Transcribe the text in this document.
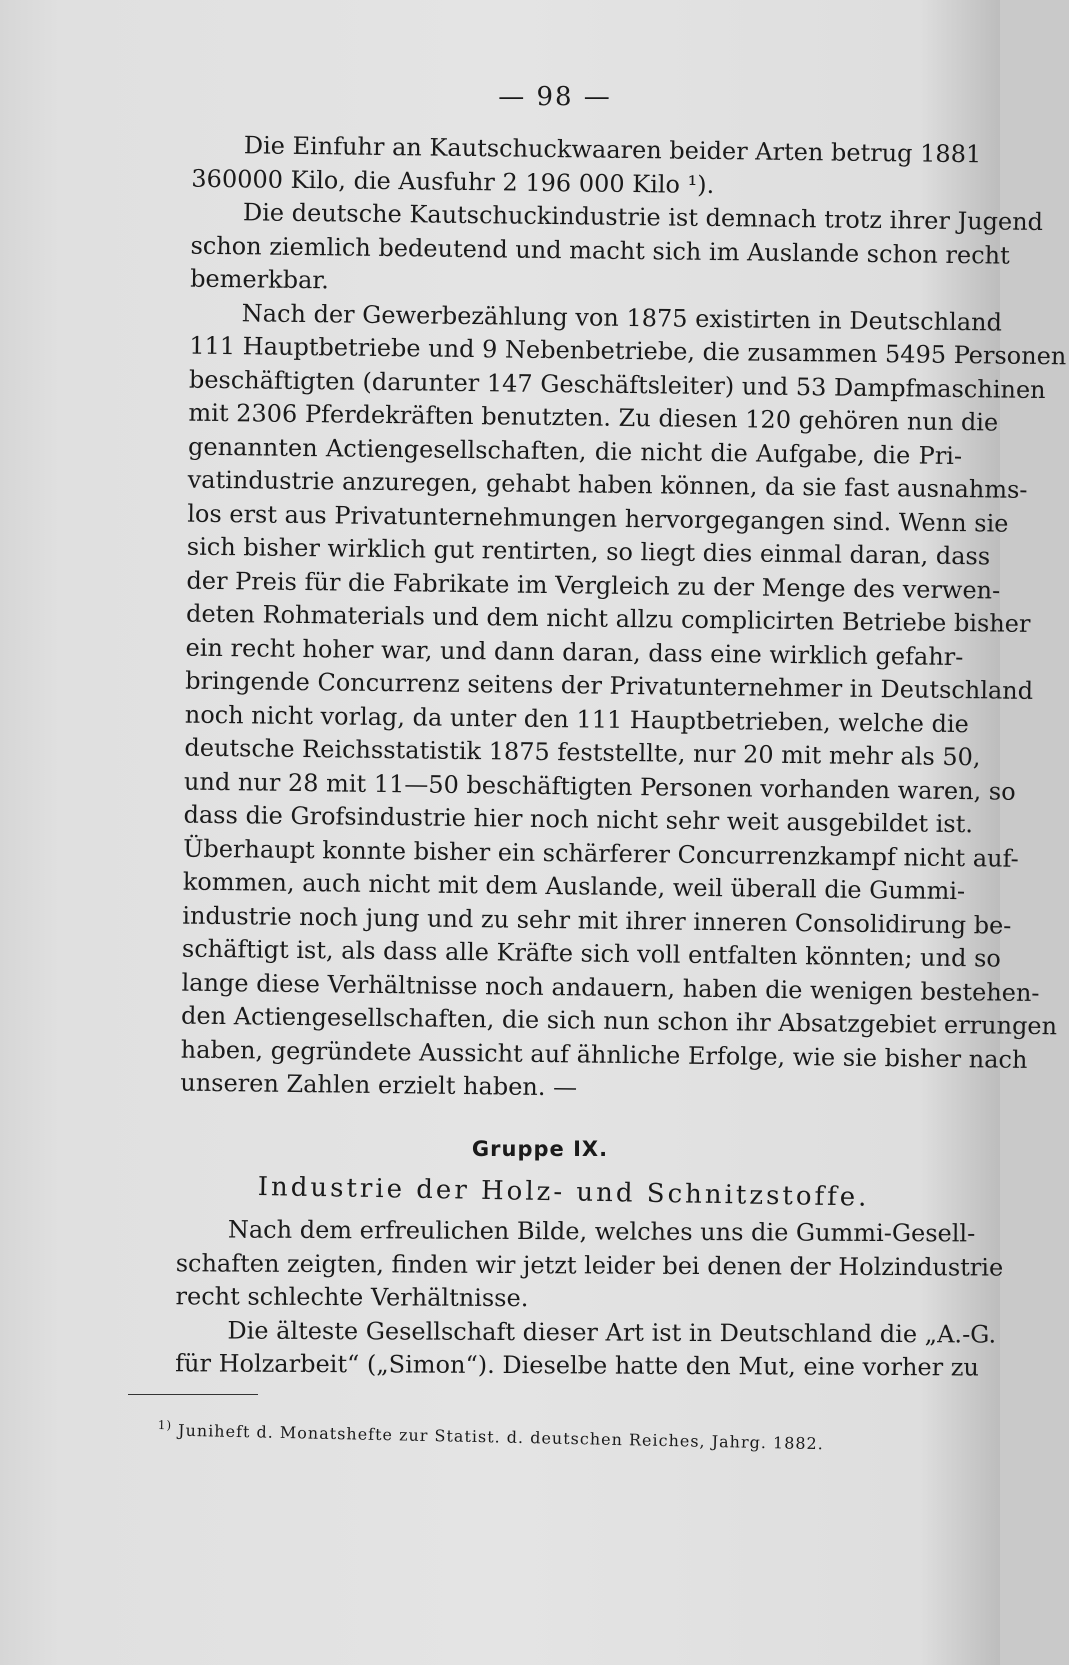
— 98 —
Die Einfuhr an Kautschuckwaaren beider Arten betrug 1881
360000 Kilo, die Ausfuhr 2 196 000 Kilo ¹).
Die deutsche Kautschuckindustrie ist demnach trotz ihrer Jugend
schon ziemlich bedeutend und macht sich im Auslande schon recht
bemerkbar.
Nach der Gewerbezählung von 1875 existirten in Deutschland
111 Hauptbetriebe und 9 Nebenbetriebe, die zusammen 5495 Personen
beschäftigten (darunter 147 Geschäftsleiter) und 53 Dampfmaschinen
mit 2306 Pferdekräften benutzten. Zu diesen 120 gehören nun die
genannten Actiengesellschaften, die nicht die Aufgabe, die Pri-
vatindustrie anzuregen, gehabt haben können, da sie fast ausnahms-
los erst aus Privatunternehmungen hervorgegangen sind. Wenn sie
sich bisher wirklich gut rentirten, so liegt dies einmal daran, dass
der Preis für die Fabrikate im Vergleich zu der Menge des verwen-
deten Rohmaterials und dem nicht allzu complicirten Betriebe bisher
ein recht hoher war, und dann daran, dass eine wirklich gefahr-
bringende Concurrenz seitens der Privatunternehmer in Deutschland
noch nicht vorlag, da unter den 111 Hauptbetrieben, welche die
deutsche Reichsstatistik 1875 feststellte, nur 20 mit mehr als 50,
und nur 28 mit 11—50 beschäftigten Personen vorhanden waren, so
dass die Grofsindustrie hier noch nicht sehr weit ausgebildet ist.
Überhaupt konnte bisher ein schärferer Concurrenzkampf nicht auf-
kommen, auch nicht mit dem Auslande, weil überall die Gummi-
industrie noch jung und zu sehr mit ihrer inneren Consolidirung be-
schäftigt ist, als dass alle Kräfte sich voll entfalten könnten; und so
lange diese Verhältnisse noch andauern, haben die wenigen bestehen-
den Actiengesellschaften, die sich nun schon ihr Absatzgebiet errungen
haben, gegründete Aussicht auf ähnliche Erfolge, wie sie bisher nach
unseren Zahlen erzielt haben. —
Gruppe IX.
Industrie der Holz- und Schnitzstoffe.
Nach dem erfreulichen Bilde, welches uns die Gummi-Gesell-
schaften zeigten, finden wir jetzt leider bei denen der Holzindustrie
recht schlechte Verhältnisse.
Die älteste Gesellschaft dieser Art ist in Deutschland die „A.-G.
für Holzarbeit“ („Simon“). Dieselbe hatte den Mut, eine vorher zu
$^{1)}$ Juniheft d. Monatshefte zur Statist. d. deutschen Reiches, Jahrg. 1882.
